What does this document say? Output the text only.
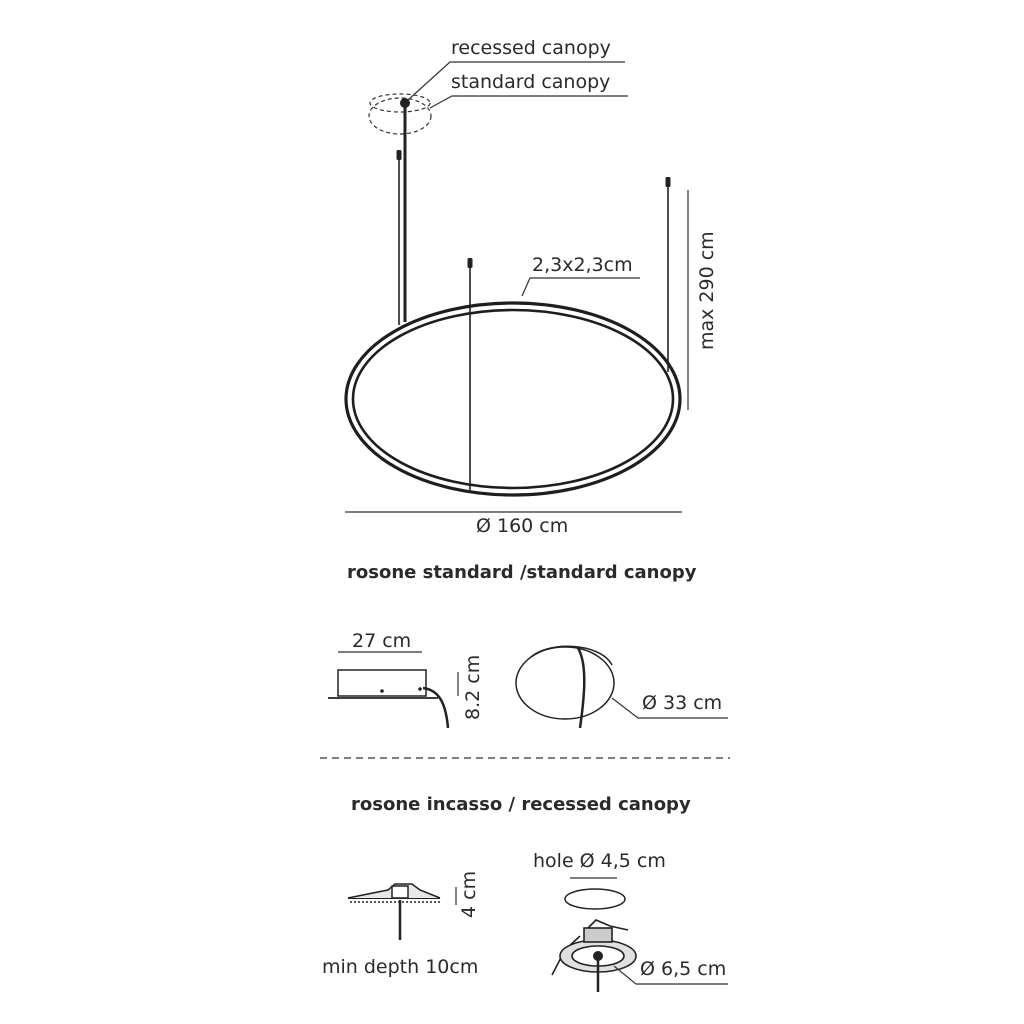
recessed canopy
standard canopy
2,3x2,3cm	max 290 cm
Ø 160 cm
rosone standard /standard canopy
27 cm
8.2 cm	Ø 33 cm
rosone incasso / recessed canopy
4 cm
min depth 10cm
hole Ø 4,5 cm
Ø 6,5 cm
